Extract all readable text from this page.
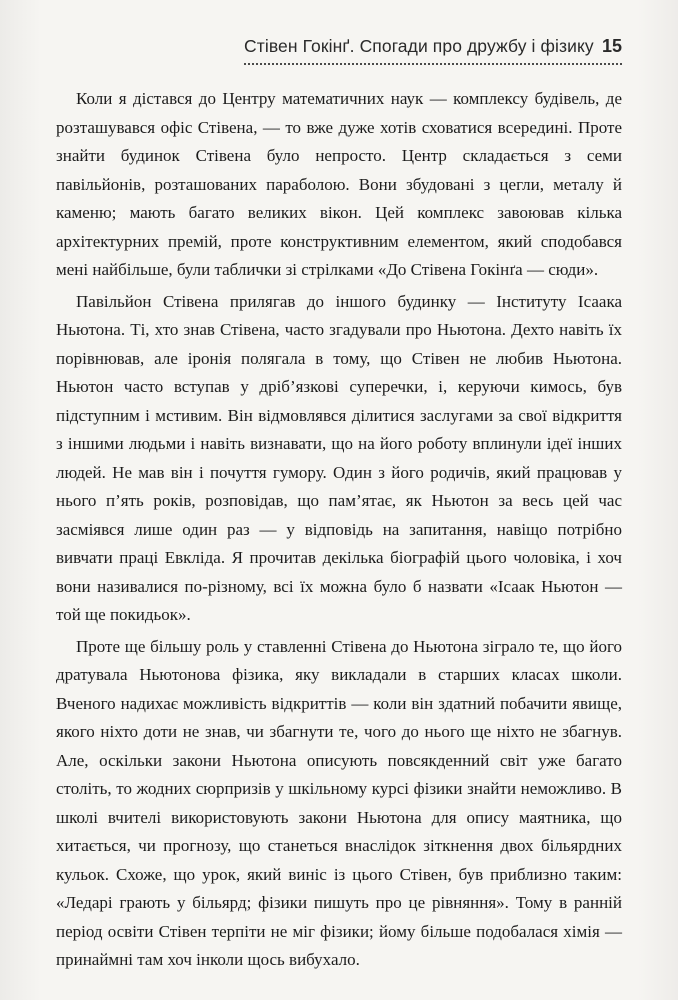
Стівен Гокінґ. Спогади про дружбу і фізику 15

Коли я дістався до Центру математичних наук — комплексу будівель, де розташувався офіс Стівена, — то вже дуже хотів сховатися всередині. Проте знайти будинок Стівена було непросто. Центр складається з семи павільйонів, розташованих параболою. Вони збудовані з цегли, металу й каменю; мають багато великих вікон. Цей комплекс завоював кілька архітектурних премій, проте конструктивним елементом, який сподобався мені найбільше, були таблички зі стрілками «До Стівена Гокінґа — сюди».

Павільйон Стівена прилягав до іншого будинку — Інституту Ісаака Ньютона. Ті, хто знав Стівена, часто згадували про Ньютона. Дехто навіть їх порівнював, але іронія полягала в тому, що Стівен не любив Ньютона. Ньютон часто вступав у дріб’язкові суперечки, і, керуючи кимось, був підступним і мстивим. Він відмовлявся ділитися заслугами за свої відкриття з іншими людьми і навіть визнавати, що на його роботу вплинули ідеї інших людей. Не мав він і почуття гумору. Один з його родичів, який працював у нього п’ять років, розповідав, що пам’ятає, як Ньютон за весь цей час засміявся лише один раз — у відповідь на запитання, навіщо потрібно вивчати праці Евкліда. Я прочитав декілька біографій цього чоловіка, і хоч вони називалися по-різному, всі їх можна було б назвати «Ісаак Ньютон — той ще покидьок».

Проте ще більшу роль у ставленні Стівена до Ньютона зіграло те, що його дратувала Ньютонова фізика, яку викладали в старших класах школи. Вченого надихає можливість відкриттів — коли він здатний побачити явище, якого ніхто доти не знав, чи збагнути те, чого до нього ще ніхто не збагнув. Але, оскільки закони Ньютона описують повсякденний світ уже багато століть, то жодних сюрпризів у шкільному курсі фізики знайти неможливо. В школі вчителі використовують закони Ньютона для опису маятника, що хитається, чи прогнозу, що станеться внаслідок зіткнення двох більярдних кульок. Схоже, що урок, який виніс із цього Стівен, був приблизно таким: «Ледарі грають у більярд; фізики пишуть про це рівняння». Тому в ранній період освіти Стівен терпіти не міг фізики; йому більше подобалася хімія — принаймні там хоч інколи щось вибухало.
